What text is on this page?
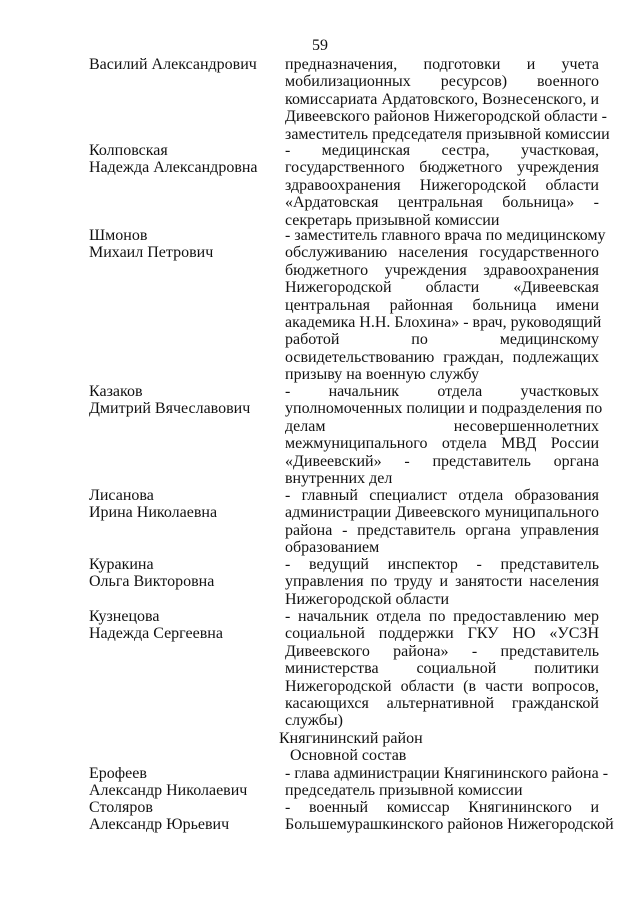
59
Василий Александрович	предназначения, подготовки и учета
мобилизационных ресурсов) военного
комиссариата Ардатовского, Вознесенского, и
Дивеевского районов Нижегородской области -
заместитель председателя призывной комиссии
Колповская
Надежда Александровна
- медицинская сестра, участковая,
государственного бюджетного учреждения
здравоохранения Нижегородской области
«Ардатовская центральная больница» -
секретарь призывной комиссии
Шмонов
Михаил Петрович
- заместитель главного врача по медицинскому
обслуживанию населения государственного
бюджетного учреждения здравоохранения
Нижегородской области «Дивеевская
центральная районная больница имени
академика Н.Н. Блохина» - врач, руководящий
работой по медицинскому
освидетельствованию граждан, подлежащих
призыву на военную службу
Казаков
Дмитрий Вячеславович
- начальник отдела участковых
уполномоченных полиции и подразделения по
делам несовершеннолетних
межмуниципального отдела МВД России
«Дивеевский» - представитель органа
внутренних дел
Лисанова
Ирина Николаевна
- главный специалист отдела образования
администрации Дивеевского муниципального
района - представитель органа управления
образованием
Куракина
Ольга Викторовна
- ведущий инспектор - представитель
управления по труду и занятости населения
Нижегородской области
Кузнецова
Надежда Сергеевна
- начальник отдела по предоставлению мер
социальной поддержки ГКУ НО «УСЗН
Дивеевского района» - представитель
министерства социальной политики
Нижегородской области (в части вопросов,
касающихся альтернативной гражданской
службы)
Княгининский район
Основной состав
Ерофеев
Александр Николаевич
- глава администрации Княгининского района -
председатель призывной комиссии
Столяров
Александр Юрьевич
- военный комиссар Княгининского и
Большемурашкинского районов Нижегородской
